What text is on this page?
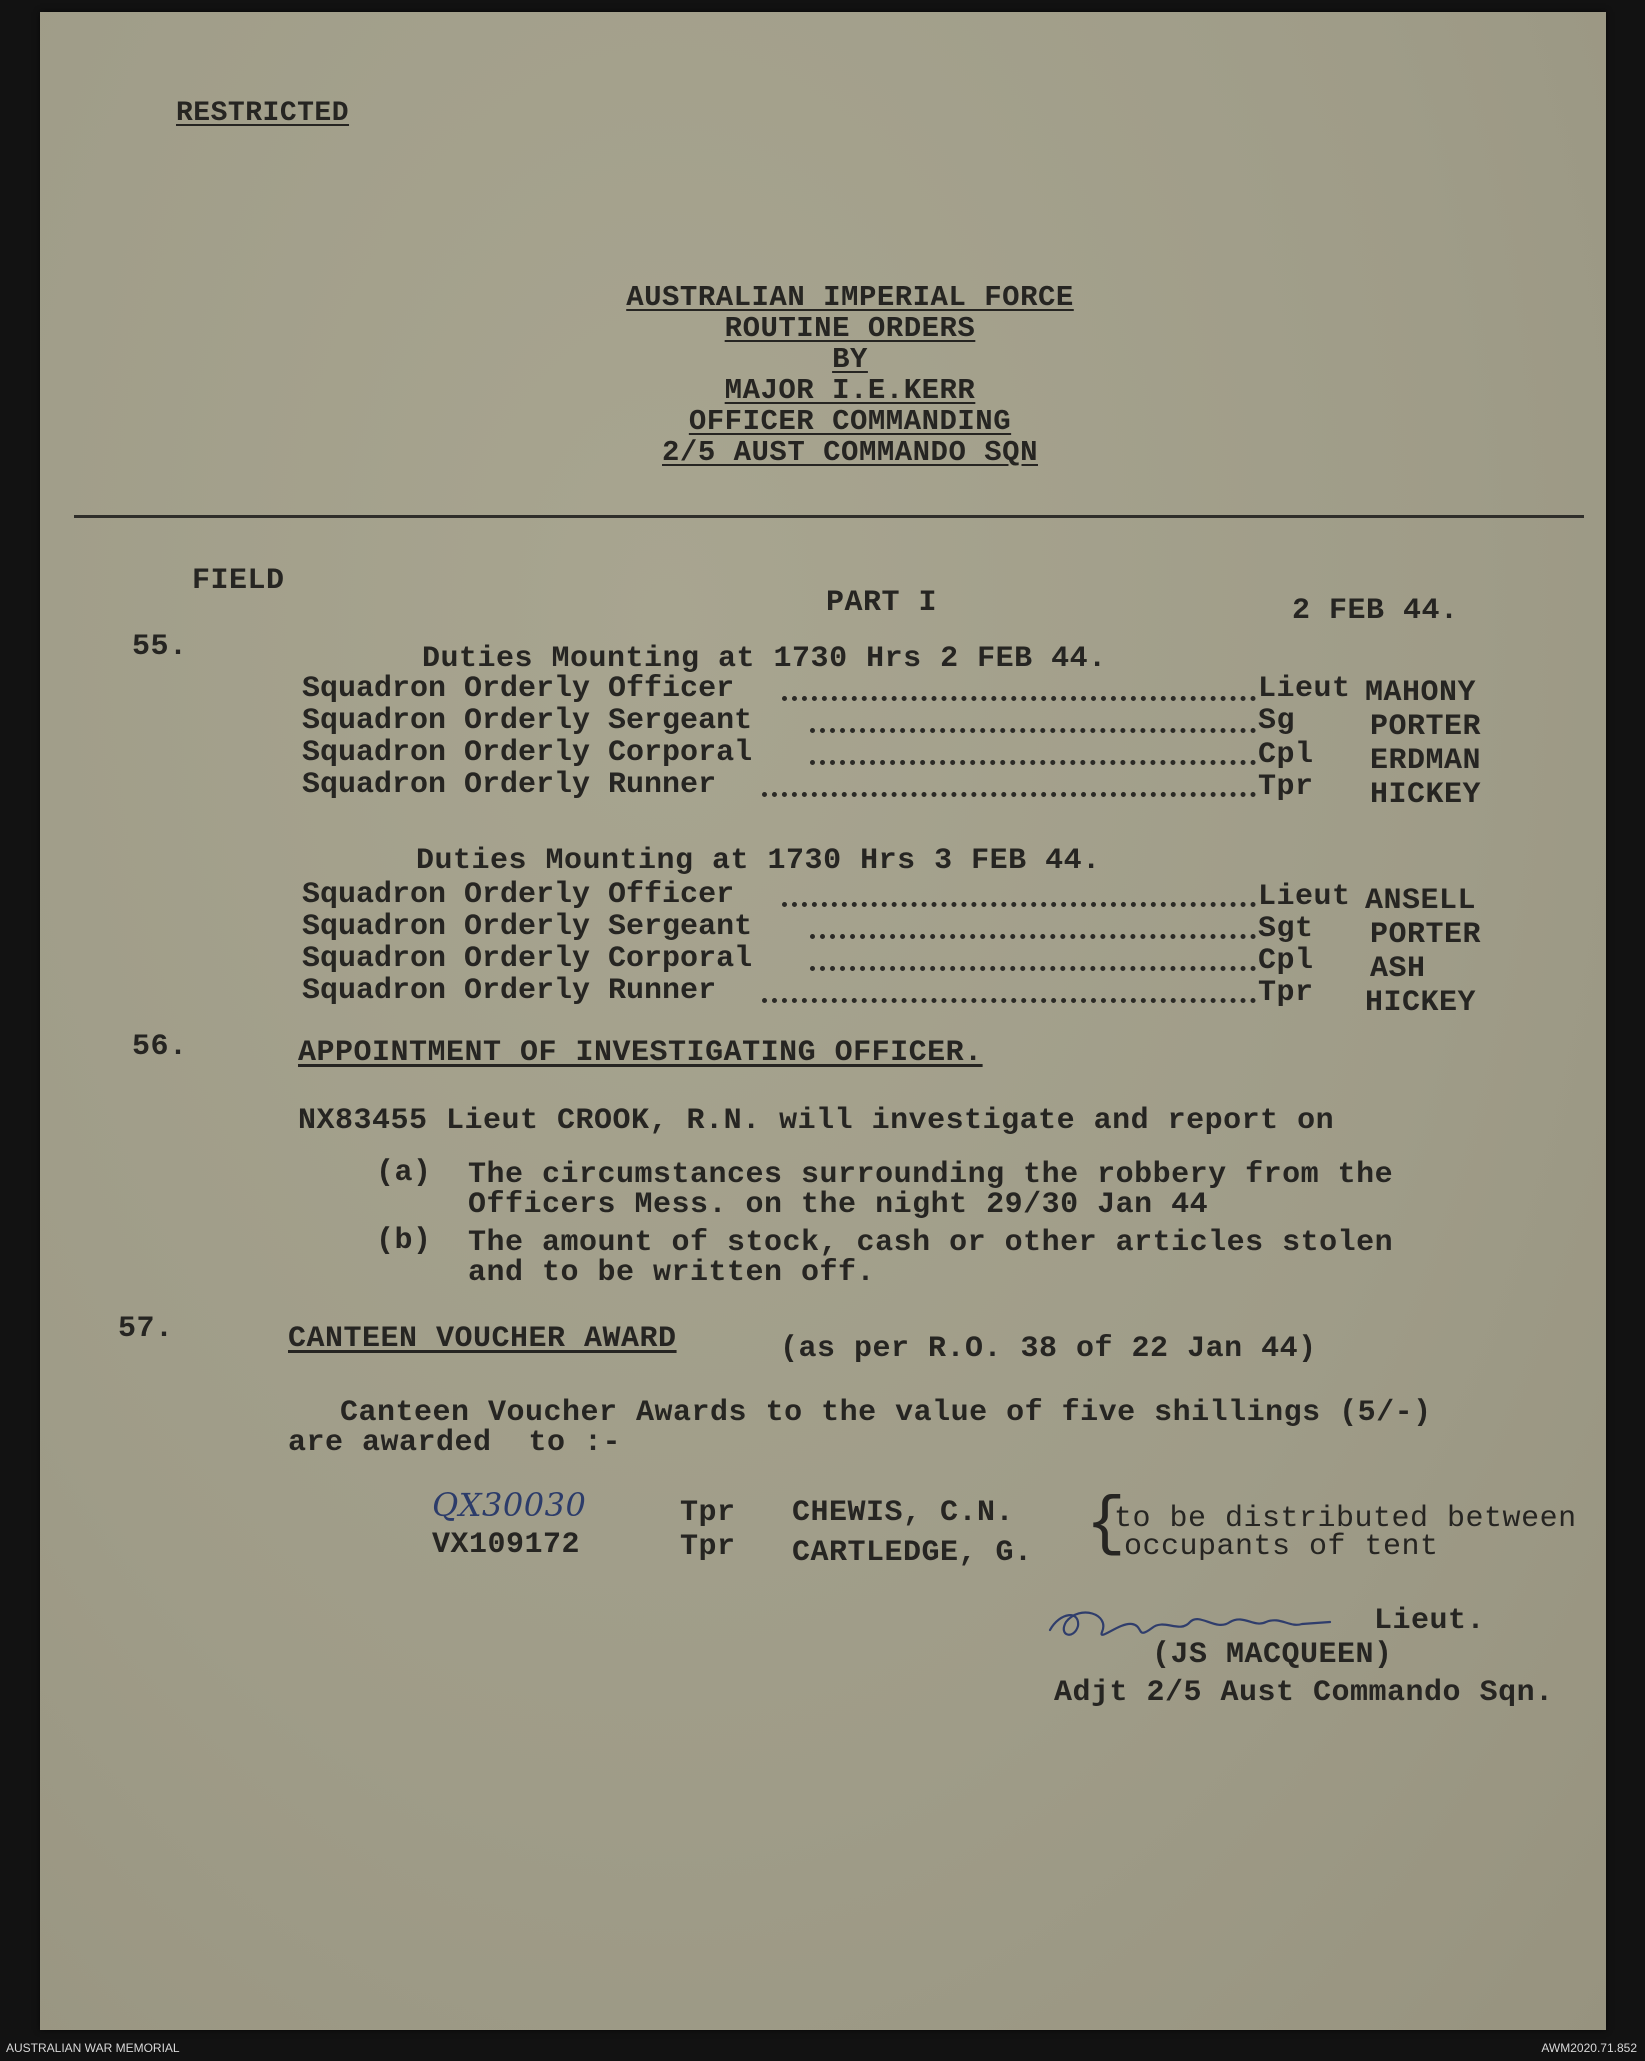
RESTRICTED
AUSTRALIAN IMPERIAL FORCE
ROUTINE ORDERS
BY
MAJOR I.E.KERR
OFFICER COMMANDING
2/5 AUST COMMANDO SQN
FIELD
PART I	2 FEB 44.
55.	Duties Mounting at 1730 Hrs 2 FEB 44.
Squadron Orderly Officer	Lieut MAHONY
Squadron Orderly Sergeant	Sg PORTER
Squadron Orderly Corporal	Cpl ERDMAN
Squadron Orderly Runner	Tpr HICKEY
Duties Mounting at 1730 Hrs 3 FEB 44.
Squadron Orderly Officer	Lieut ANSELL
Squadron Orderly Sergeant	Sgt PORTER
Squadron Orderly Corporal	Cpl ASH
Squadron Orderly Runner	Tpr HICKEY
56.	APPOINTMENT OF INVESTIGATING OFFICER.
NX83455 Lieut CROOK, R.N. will investigate and report on
(a) The circumstances surrounding the robbery from the
Officers Mess. on the night 29/30 Jan 44
(b) The amount of stock, cash or other articles stolen
and to be written off.
57.	CANTEEN VOUCHER AWARD	(as per R.O. 38 of 22 Jan 44)
Canteen Voucher Awards to the value of five shillings (5/-)
are awarded  to :-
QX30030	Tpr CHEWIS, C.N.
VX109172	Tpr CARTLEDGE, G. {
to be distributed between
occupants of tent
Lieut.
(JS MACQUEEN)
Adjt 2/5 Aust Commando Sqn.
AUSTRALIAN WAR MEMORIAL	AWM2020.71.852
